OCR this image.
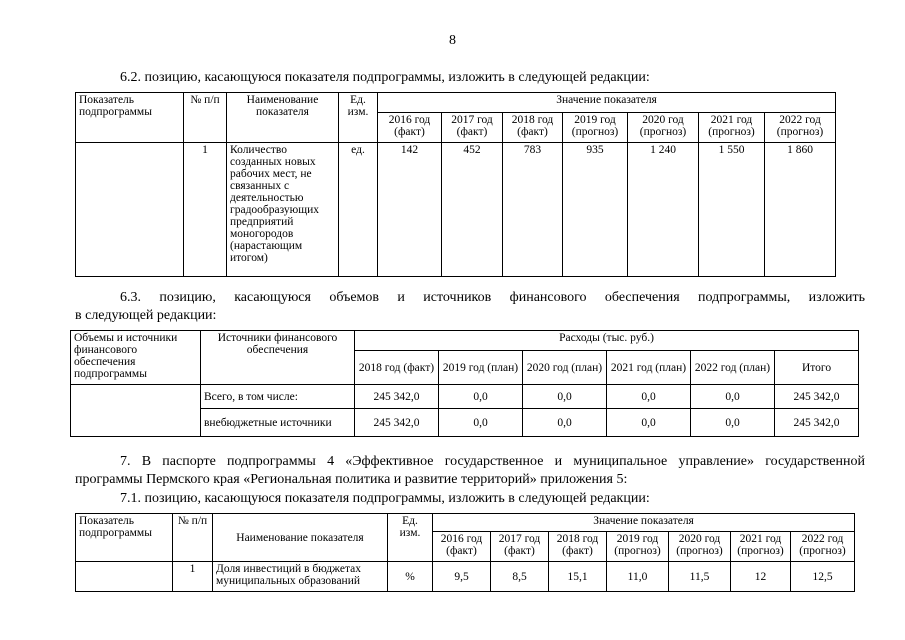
8
6.2. позицию, касающуюся показателя подпрограммы, изложить в следующей редакции:
Показатель подпрограммы	№ п/п	Наименование показателя	Ед. изм.	Значение показателя						
				2016 год (факт)	2017 год (факт)	2018 год (факт)	2019 год (прогноз)	2020 год (прогноз)	2021 год (прогноз)	2022 год (прогноз)
	1	Количество созданных новых рабочих мест, не связанных с деятельностью градообразующих предприятий моногородов (нарастающим итогом)	ед.	142	452	783	935	1 240	1 550	1 860
6.3. позицию, касающуюся объемов и источников финансового обеспечения подпрограммы, изложить
в следующей редакции:
Объемы и источники финансового обеспечения подпрограммы	Источники финансового обеспечения	Расходы (тыс. руб.)					
		2018 год (факт)	2019 год (план)	2020 год (план)	2021 год (план)	2022 год (план)	Итого
	Всего, в том числе:	245 342,0	0,0	0,0	0,0	0,0	245 342,0
	внебюджетные источники	245 342,0	0,0	0,0	0,0	0,0	245 342,0
7. В паспорте подпрограммы 4 «Эффективное государственное и муниципальное управление» государственной
программы Пермского края «Региональная политика и развитие территорий» приложения 5:
7.1. позицию, касающуюся показателя подпрограммы, изложить в следующей редакции:
Показатель подпрограммы	№ п/п	Наименование показателя	Ед. изм.	Значение показателя						
				2016 год (факт)	2017 год (факт)	2018 год (факт)	2019 год (прогноз)	2020 год (прогноз)	2021 год (прогноз)	2022 год (прогноз)
	1	Доля инвестиций в бюджетах муниципальных образований	%	9,5	8,5	15,1	11,0	11,5	12	12,5
